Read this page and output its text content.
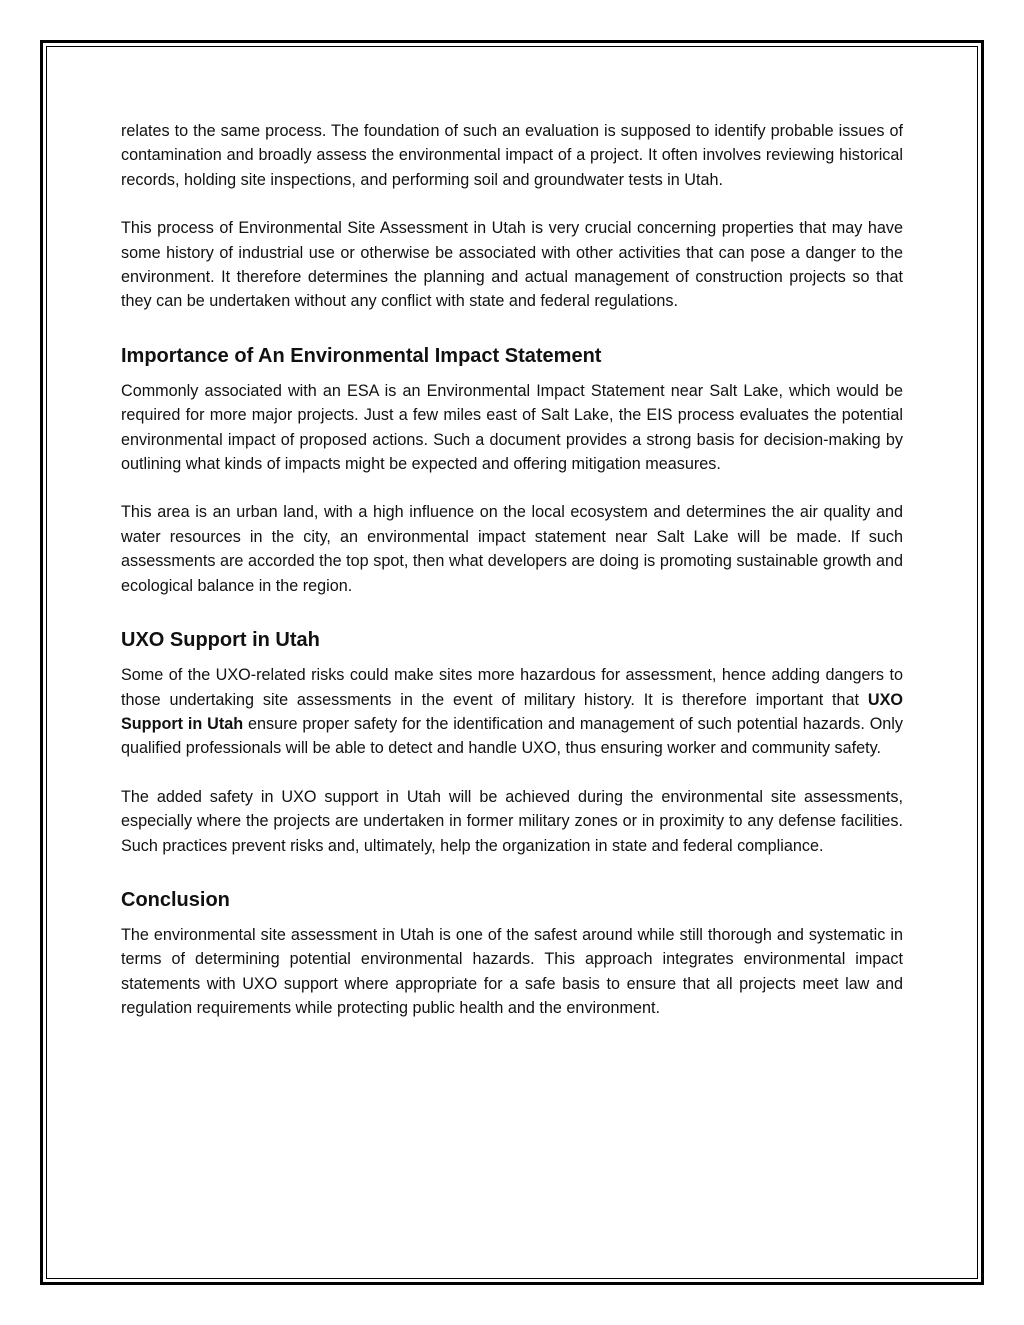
relates to the same process. The foundation of such an evaluation is supposed to identify probable issues of contamination and broadly assess the environmental impact of a project. It often involves reviewing historical records, holding site inspections, and performing soil and groundwater tests in Utah.

This process of Environmental Site Assessment in Utah is very crucial concerning properties that may have some history of industrial use or otherwise be associated with other activities that can pose a danger to the environment. It therefore determines the planning and actual management of construction projects so that they can be undertaken without any conflict with state and federal regulations.

Importance of An Environmental Impact Statement

Commonly associated with an ESA is an Environmental Impact Statement near Salt Lake, which would be required for more major projects. Just a few miles east of Salt Lake, the EIS process evaluates the potential environmental impact of proposed actions. Such a document provides a strong basis for decision-making by outlining what kinds of impacts might be expected and offering mitigation measures.

This area is an urban land, with a high influence on the local ecosystem and determines the air quality and water resources in the city, an environmental impact statement near Salt Lake will be made. If such assessments are accorded the top spot, then what developers are doing is promoting sustainable growth and ecological balance in the region.

UXO Support in Utah

Some of the UXO-related risks could make sites more hazardous for assessment, hence adding dangers to those undertaking site assessments in the event of military history. It is therefore important that UXO Support in Utah ensure proper safety for the identification and management of such potential hazards. Only qualified professionals will be able to detect and handle UXO, thus ensuring worker and community safety.

The added safety in UXO support in Utah will be achieved during the environmental site assessments, especially where the projects are undertaken in former military zones or in proximity to any defense facilities. Such practices prevent risks and, ultimately, help the organization in state and federal compliance.

Conclusion

The environmental site assessment in Utah is one of the safest around while still thorough and systematic in terms of determining potential environmental hazards. This approach integrates environmental impact statements with UXO support where appropriate for a safe basis to ensure that all projects meet law and regulation requirements while protecting public health and the environment.
